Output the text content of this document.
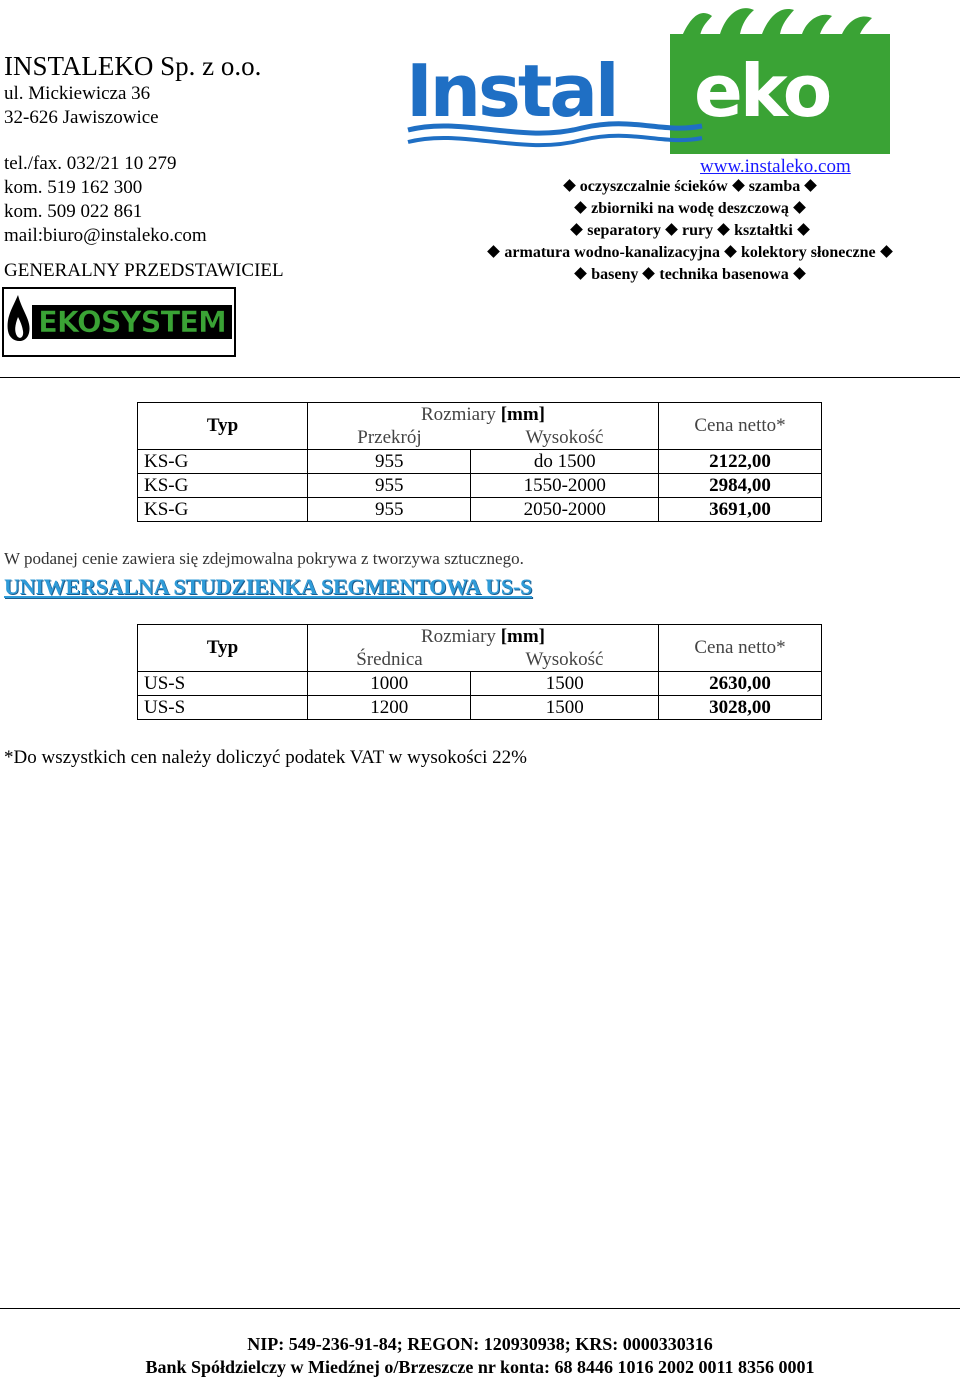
INSTALEKO Sp. z o.o.
ul. Mickiewicza 36
32-626 Jawiszowice
tel./fax. 032/21 10 279
kom. 519 162 300
kom. 509 022 861
mail:biuro@instaleko.com
GENERALNY PRZEDSTAWICIEL
EKOSYSTEM
Instal eko
www.instaleko.com
oczyszczalnie ścieków szamba
zbiorniki na wodę deszczową
separatory rury kształtki
armatura wodno-kanalizacyjna kolektory słoneczne
baseny technika basenowa
Typ	Rozmiary [mm]		Cena netto*
	Przekrój	Wysokość	
KS-G	955	do 1500	2122,00
KS-G	955	1550-2000	2984,00
KS-G	955	2050-2000	3691,00
W podanej cenie zawiera się zdejmowalna pokrywa z tworzywa sztucznego.
UNIWERSALNA STUDZIENKA SEGMENTOWA US-S
Typ	Rozmiary [mm]		Cena netto*
	Średnica	Wysokość	
US-S	1000	1500	2630,00
US-S	1200	1500	3028,00
*Do wszystkich cen należy doliczyć podatek VAT w wysokości 22%
NIP: 549-236-91-84; REGON: 120930938; KRS: 0000330316
Bank Spółdzielczy w Miedźnej o/Brzeszcze nr konta: 68 8446 1016 2002 0011 8356 0001
